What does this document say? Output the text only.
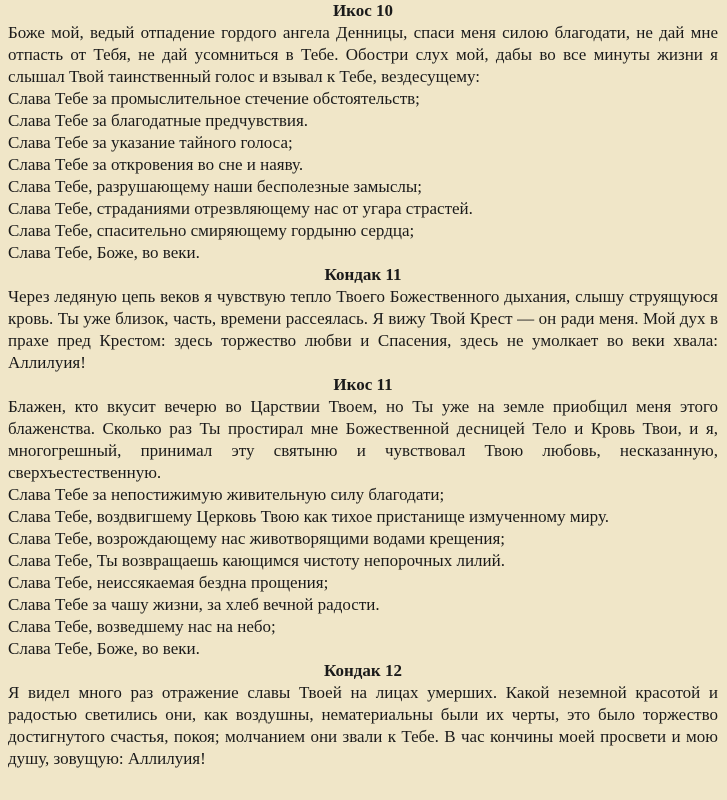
Икос 10

Боже мой, ведый отпадение гордого ангела Денницы, спаси меня силою благодати, не дай мне отпасть от Тебя, не дай усомниться в Тебе. Обостри слух мой, дабы во все минуты жизни я слышал Твой таинственный голос и взывал к Тебе, вездесущему:

Слава Тебе за промыслительное стечение обстоятельств;

Слава Тебе за благодатные предчувствия.

Слава Тебе за указание тайного голоса;

Слава Тебе за откровения во сне и наяву.

Слава Тебе, разрушающему наши бесполезные замыслы;

Слава Тебе, страданиями отрезвляющему нас от угара страстей.

Слава Тебе, спасительно смиряющему гордыню сердца;

Слава Тебе, Боже, во веки.

Кондак 11

Через ледяную цепь веков я чувствую тепло Твоего Божественного дыхания, слышу струящуюся кровь. Ты уже близок, часть, времени рассеялась. Я вижу Твой Крест — он ради меня. Мой дух в прахе пред Крестом: здесь торжество любви и Спасения, здесь не умолкает во веки хвала: Аллилуия!

Икос 11

Блажен, кто вкусит вечерю во Царствии Твоем, но Ты уже на земле приобщил меня этого блаженства. Сколько раз Ты простирал мне Божественной десницей Тело и Кровь Твои, и я, многогрешный, принимал эту святыню и чувствовал Твою любовь, несказанную, сверхъестественную.

Слава Тебе за непостижимую живительную силу благодати;

Слава Тебе, воздвигшему Церковь Твою как тихое пристанище измученному миру.

Слава Тебе, возрождающему нас животворящими водами крещения;

Слава Тебе, Ты возвращаешь кающимся чистоту непорочных лилий.

Слава Тебе, неиссякаемая бездна прощения;

Слава Тебе за чашу жизни, за хлеб вечной радости.

Слава Тебе, возведшему нас на небо;

Слава Тебе, Боже, во веки.

Кондак 12

Я видел много раз отражение славы Твоей на лицах умерших. Какой неземной красотой и радостью светились они, как воздушны, нематериальны были их черты, это было торжество достигнутого счастья, покоя; молчанием они звали к Тебе. В час кончины моей просвети и мою душу, зовущую: Аллилуия!
